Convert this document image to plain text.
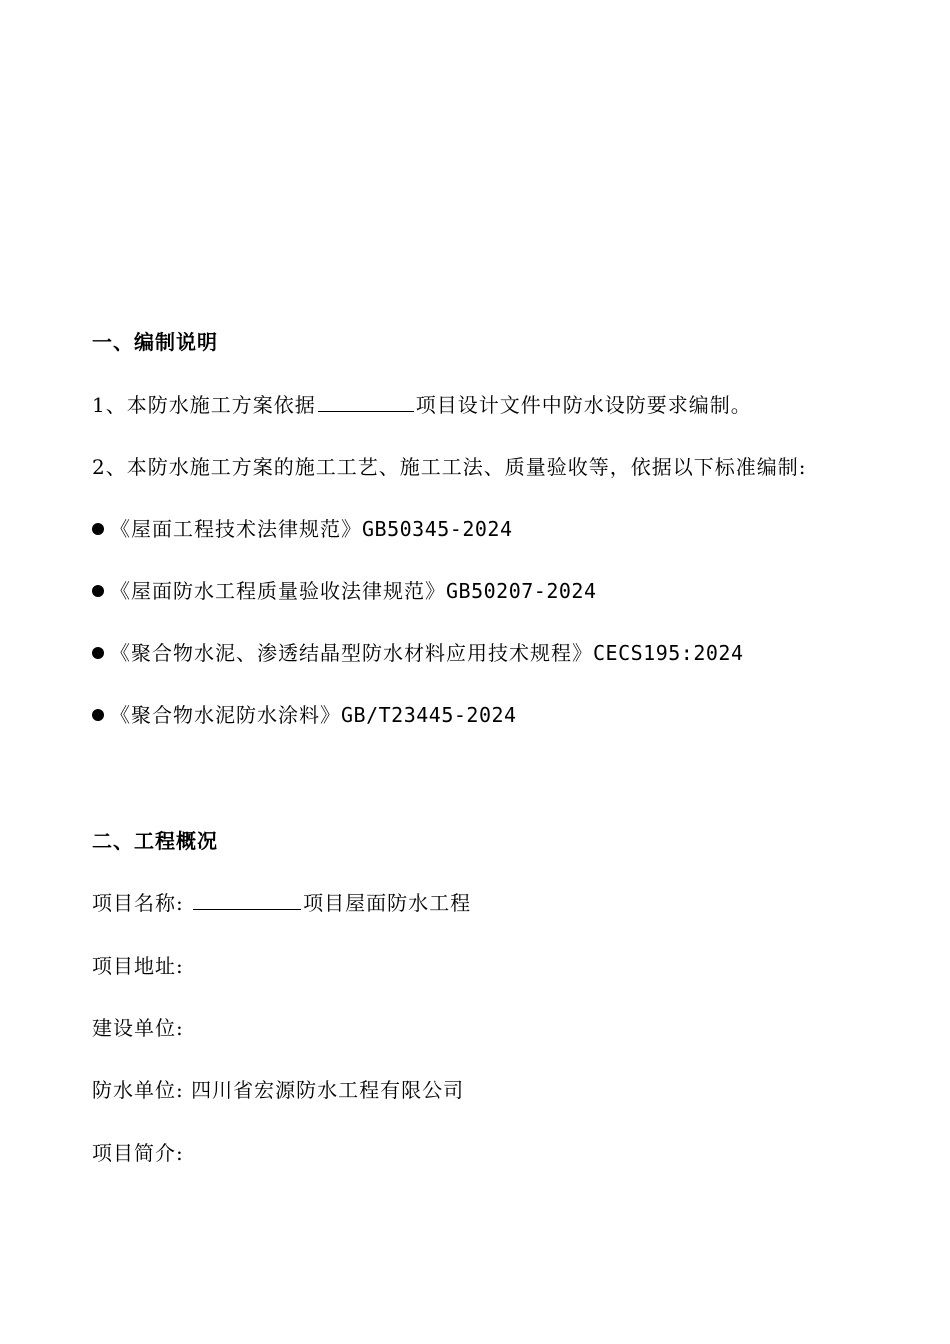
一、编制说明
1、本防水施工方案依据	项目设计文件中防水设防要求编制。
2、本防水施工方案的施工工艺、施工工法、质量验收等，依据以下标准编制:
《屋面工程技术法律规范》GB50345-2024
《屋面防水工程质量验收法律规范》GB50207-2024
《聚合物水泥、渗透结晶型防水材料应用技术规程》CECS195:2024
《聚合物水泥防水涂料》GB/T23445-2024
二、工程概况
项目名称:	项目屋面防水工程
项目地址:
建设单位:
防水单位: 四川省宏源防水工程有限公司
项目简介:
